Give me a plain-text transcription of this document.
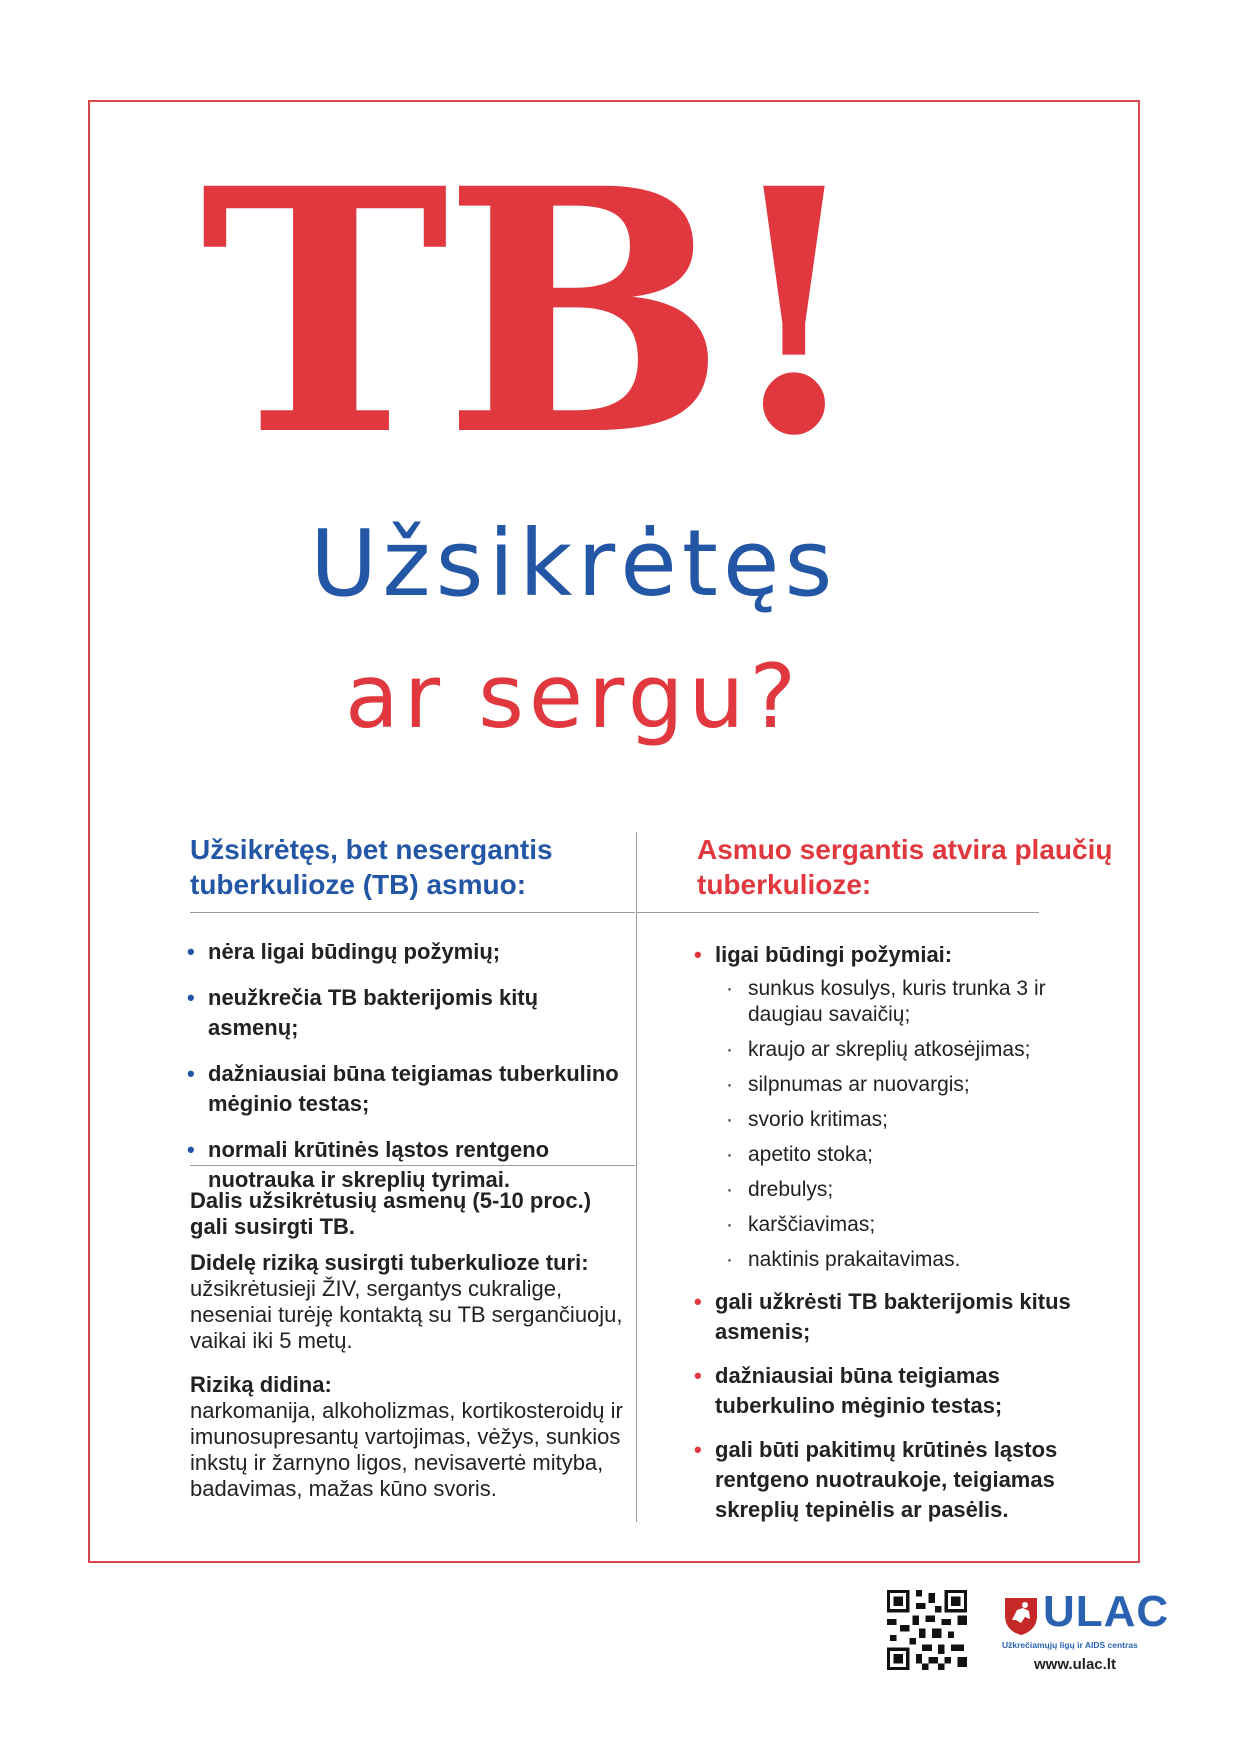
TB!

Užsikrėtęs

ar sergu?

Užsikrėtęs, bet nesergantis tuberkulioze (TB) asmuo:
Asmuo sergantis atvira plaučių tuberkulioze:
• nėra ligai būdingų požymių;
• neužkrečia TB bakterijomis kitų asmenų;
• dažniausiai būna teigiamas tuberkulino mėginio testas;
• normali krūtinės ląstos rentgeno nuotrauka ir skreplių tyrimai.

Dalis užsikrėtusių asmenų (5-10 proc.) gali susirgti TB.

Didelę riziką susirgti tuberkulioze turi:
užsikrėtusieji ŽIV, sergantys cukralige, neseniai turėję kontaktą su TB sergančiuoju, vaikai iki 5 metų.

Riziką didina:
narkomanija, alkoholizmas, kortikosteroidų ir imunosupresantų vartojimas, vėžys, sunkios inkstų ir žarnyno ligos, nevisavertė mityba, badavimas, mažas kūno svoris.

• ligai būdingi požymiai:
· sunkus kosulys, kuris trunka 3 ir daugiau savaičių;
· kraujo ar skreplių atkosėjimas;
· silpnumas ar nuovargis;
· svorio kritimas;
· apetito stoka;
· drebulys;
· karščiavimas;
· naktinis prakaitavimas.
• gali užkrėsti TB bakterijomis kitus asmenis;
• dažniausiai būna teigiamas tuberkulino mėginio testas;
• gali būti pakitimų krūtinės ląstos rentgeno nuotraukoje, teigiamas skreplių tepinėlis ar pasėlis.
ULAC

Užkrečiamųjų ligų ir AIDS centras

www.ulac.lt
